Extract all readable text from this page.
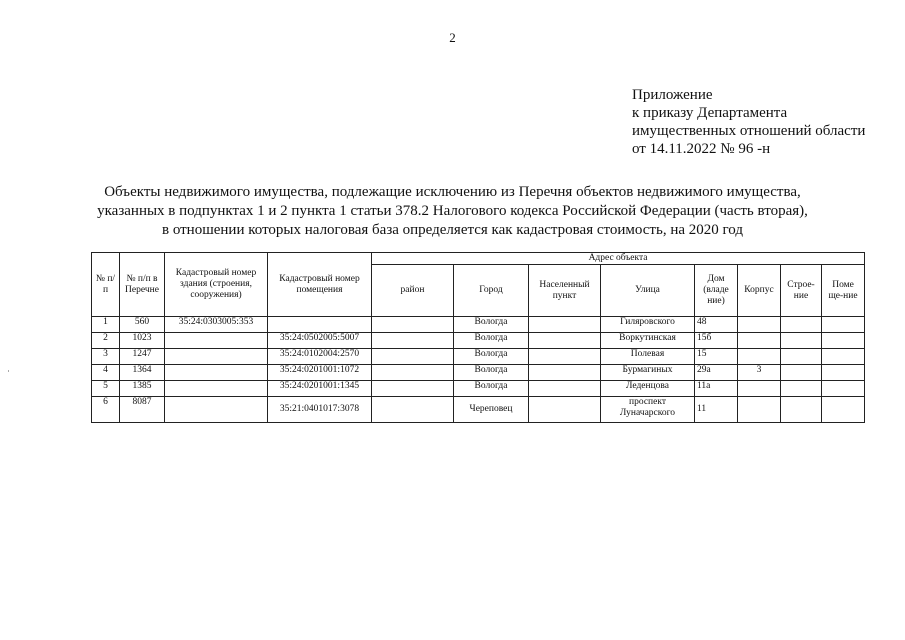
2
Приложение
к приказу Департамента
имущественных отношений области
от 14.11.2022 № 96 -н
Объекты недвижимого имущества, подлежащие исключению из Перечня объектов недвижимого имущества,
указанных в подпунктах 1 и 2 пункта 1 статьи 378.2 Налогового кодекса Российской Федерации (часть вторая),
в отношении которых налоговая база определяется как кадастровая стоимость, на 2020 год
№ п/п	№ п/п в Перечне	Кадастровый номер здания (строения, сооружения)	Кадастровый номер помещения	Адрес объекта							
				район	Город	Населенный пункт	Улица	Дом (владе ние)	Корпус	Строе-ние	Поме ще-ние
1	560	35:24:0303005:353			Вологда		Гиляровского	48			
2	1023		35:24:0502005:5007		Вологда		Воркутинская	15б			
3	1247		35:24:0102004:2570		Вологда		Полевая	15			
4	1364		35:24:0201001:1072		Вологда		Бурмагиных	29а	3		
5	1385		35:24:0201001:1345		Вологда		Леденцова	11а			
6	8087		35:21:0401017:3078		Череповец		проспект Луначарского	11			
